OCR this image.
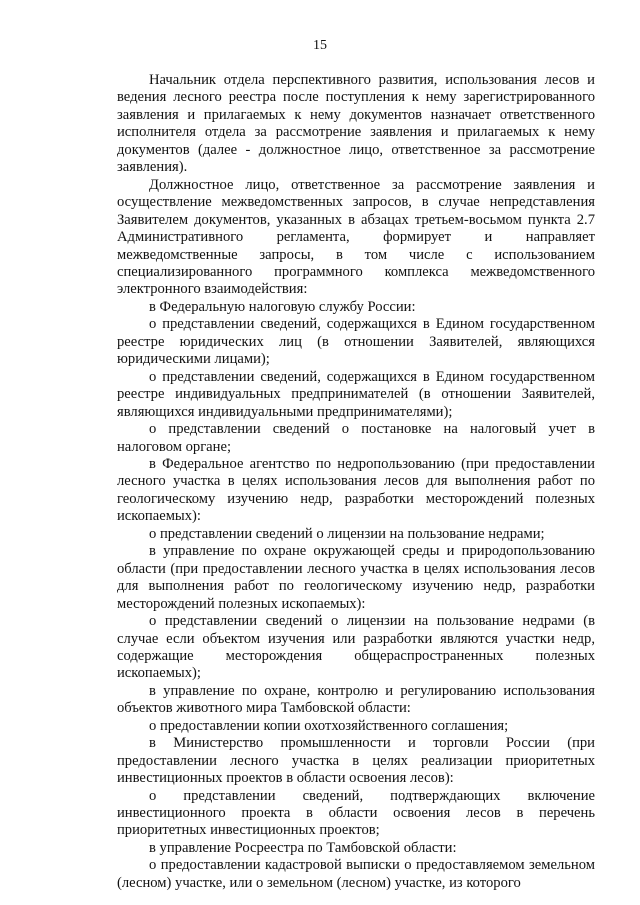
15

Начальник отдела перспективного развития, использования лесов и ведения лесного реестра после поступления к нему зарегистрированного заявления и прилагаемых к нему документов назначает ответственного исполнителя отдела за рассмотрение заявления и прилагаемых к нему документов (далее - должностное лицо, ответственное за рассмотрение заявления).

Должностное лицо, ответственное за рассмотрение заявления и осуществление межведомственных запросов, в случае непредставления Заявителем документов, указанных в абзацах третьем-восьмом пункта 2.7 Административного регламента, формирует и направляет межведомственные запросы, в том числе с использованием специализированного программного комплекса межведомственного электронного взаимодействия:

в Федеральную налоговую службу России:

о представлении сведений, содержащихся в Едином государственном реестре юридических лиц (в отношении Заявителей, являющихся юридическими лицами);

о представлении сведений, содержащихся в Едином государственном реестре индивидуальных предпринимателей (в отношении Заявителей, являющихся индивидуальными предпринимателями);

о представлении сведений о постановке на налоговый учет в налоговом органе;

в Федеральное агентство по недропользованию (при предоставлении лесного участка в целях использования лесов для выполнения работ по геологическому изучению недр, разработки месторождений полезных ископаемых):

о представлении сведений о лицензии на пользование недрами;

в управление по охране окружающей среды и природопользованию области (при предоставлении лесного участка в целях использования лесов для выполнения работ по геологическому изучению недр, разработки месторождений полезных ископаемых):

о представлении сведений о лицензии на пользование недрами (в случае если объектом изучения или разработки являются участки недр, содержащие месторождения общераспространенных полезных ископаемых);

в управление по охране, контролю и регулированию использования объектов животного мира Тамбовской области:

о предоставлении копии охотхозяйственного соглашения;

в Министерство промышленности и торговли России (при предоставлении лесного участка в целях реализации приоритетных инвестиционных проектов в области освоения лесов):

о представлении сведений, подтверждающих включение инвестиционного проекта в области освоения лесов в перечень приоритетных инвестиционных проектов;

в управление Росреестра по Тамбовской области:

о предоставлении кадастровой выписки о предоставляемом земельном (лесном) участке, или о земельном (лесном) участке, из которого
